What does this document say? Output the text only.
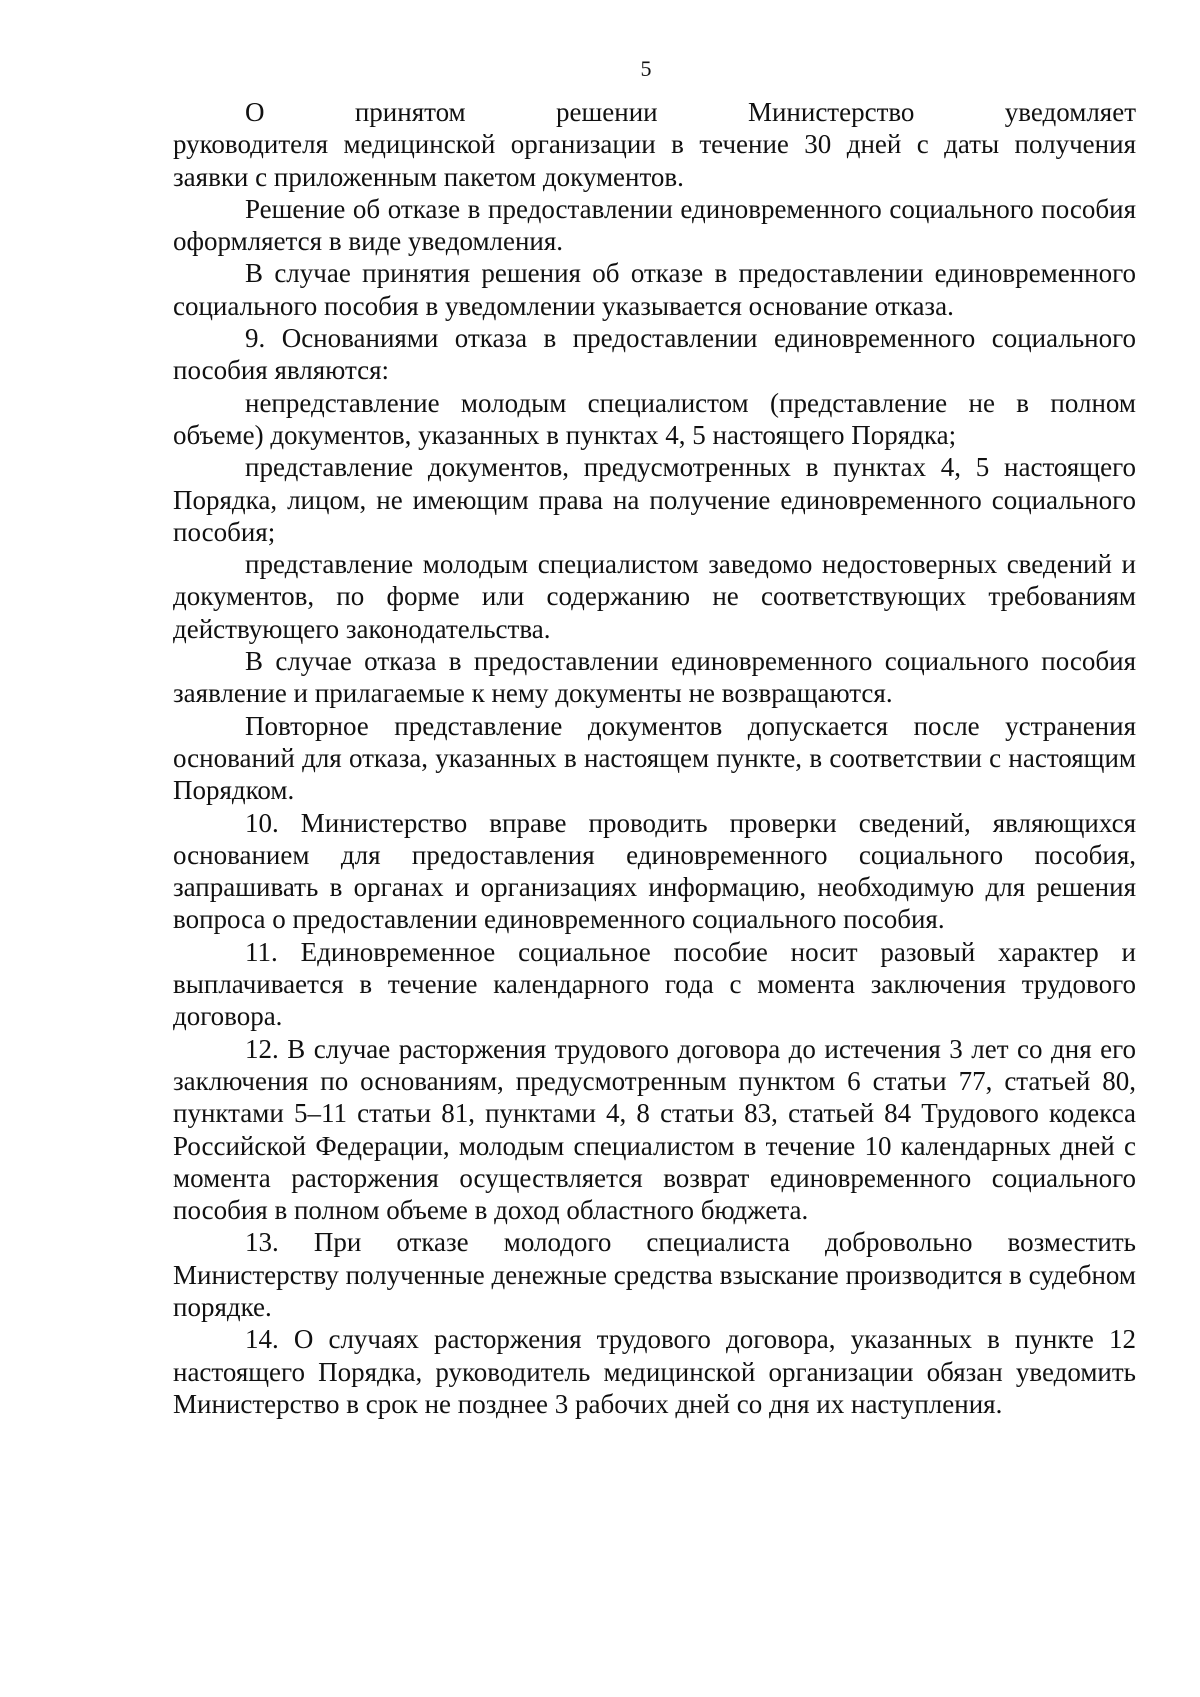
5

О принятом решении Министерство уведомляет

руководителя медицинской организации в течение 30 дней с даты получения заявки с приложенным пакетом документов.

Решение об отказе в предоставлении единовременного социального пособия оформляется в виде уведомления.

В случае принятия решения об отказе в предоставлении единовременного социального пособия в уведомлении указывается основание отказа.

9. Основаниями отказа в предоставлении единовременного социального пособия являются:

непредставление молодым специалистом (представление не в полном объеме) документов, указанных в пунктах 4, 5 настоящего Порядка;

представление документов, предусмотренных в пунктах 4, 5 настоящего Порядка, лицом, не имеющим права на получение единовременного социального пособия;

представление молодым специалистом заведомо недостоверных сведений и документов, по форме или содержанию не соответствующих требованиям действующего законодательства.

В случае отказа в предоставлении единовременного социального пособия заявление и прилагаемые к нему документы не возвращаются.

Повторное представление документов допускается после устранения оснований для отказа, указанных в настоящем пункте, в соответствии с настоящим Порядком.

10. Министерство вправе проводить проверки сведений, являющихся основанием для предоставления единовременного социального пособия, запрашивать в органах и организациях информацию, необходимую для решения вопроса о предоставлении единовременного социального пособия.

11. Единовременное социальное пособие носит разовый характер и выплачивается в течение календарного года с момента заключения трудового договора.

12. В случае расторжения трудового договора до истечения 3 лет со дня его заключения по основаниям, предусмотренным пунктом 6 статьи 77, статьей 80, пунктами 5–11 статьи 81, пунктами 4, 8 статьи 83, статьей 84 Трудового кодекса Российской Федерации, молодым специалистом в течение 10 календарных дней с момента расторжения осуществляется возврат единовременного социального пособия в полном объеме в доход областного бюджета.

13. При отказе молодого специалиста добровольно возместить Министерству полученные денежные средства взыскание производится в судебном порядке.

14. О случаях расторжения трудового договора, указанных в пункте 12 настоящего Порядка, руководитель медицинской организации обязан уведомить Министерство в срок не позднее 3 рабочих дней со дня их наступления.
